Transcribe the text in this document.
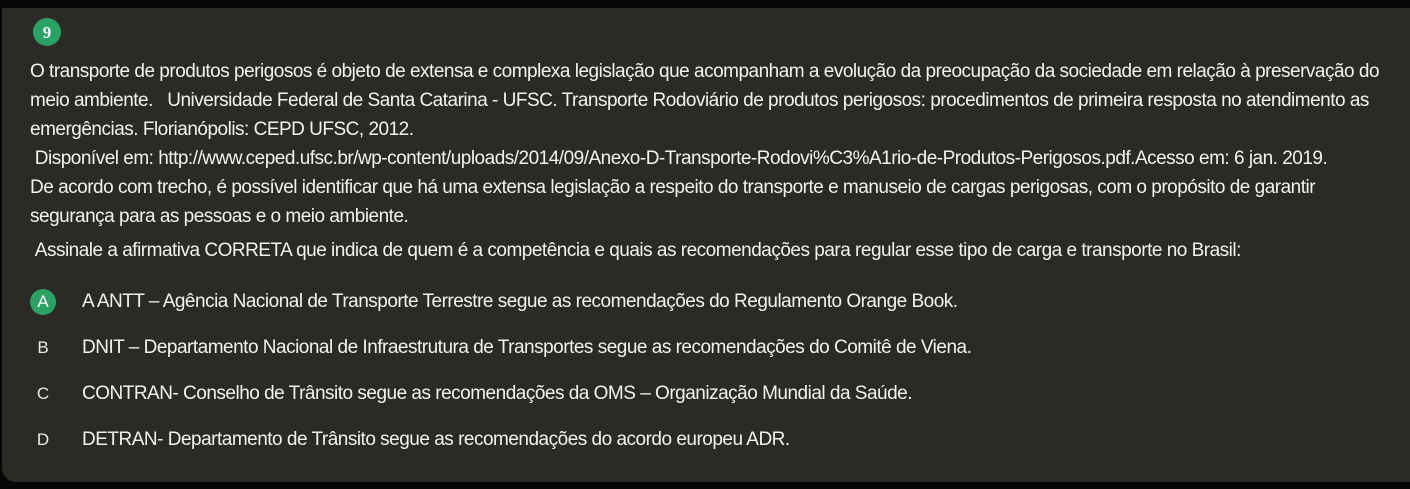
9

O transporte de produtos perigosos é objeto de extensa e complexa legislação que acompanham a evolução da preocupação da sociedade em relação à preservação do meio ambiente.   Universidade Federal de Santa Catarina - UFSC. Transporte Rodoviário de produtos perigosos: procedimentos de primeira resposta no atendimento as emergências. Florianópolis: CEPD UFSC, 2012.

Disponível em: http://www.ceped.ufsc.br/wp-content/uploads/2014/09/Anexo-D-Transporte-Rodovi%C3%A1rio-de-Produtos-Perigosos.pdf.Acesso em: 6 jan. 2019.

De acordo com trecho, é possível identificar que há uma extensa legislação a respeito do transporte e manuseio de cargas perigosas, com o propósito de garantir segurança para as pessoas e o meio ambiente.

Assinale a afirmativa CORRETA que indica de quem é a competência e quais as recomendações para regular esse tipo de carga e transporte no Brasil:

A	A ANTT – Agência Nacional de Transporte Terrestre segue as recomendações do Regulamento Orange Book.
B	DNIT – Departamento Nacional de Infraestrutura de Transportes segue as recomendações do Comitê de Viena.
C	CONTRAN- Conselho de Trânsito segue as recomendações da OMS – Organização Mundial da Saúde.
D	DETRAN- Departamento de Trânsito segue as recomendações do acordo europeu ADR.
